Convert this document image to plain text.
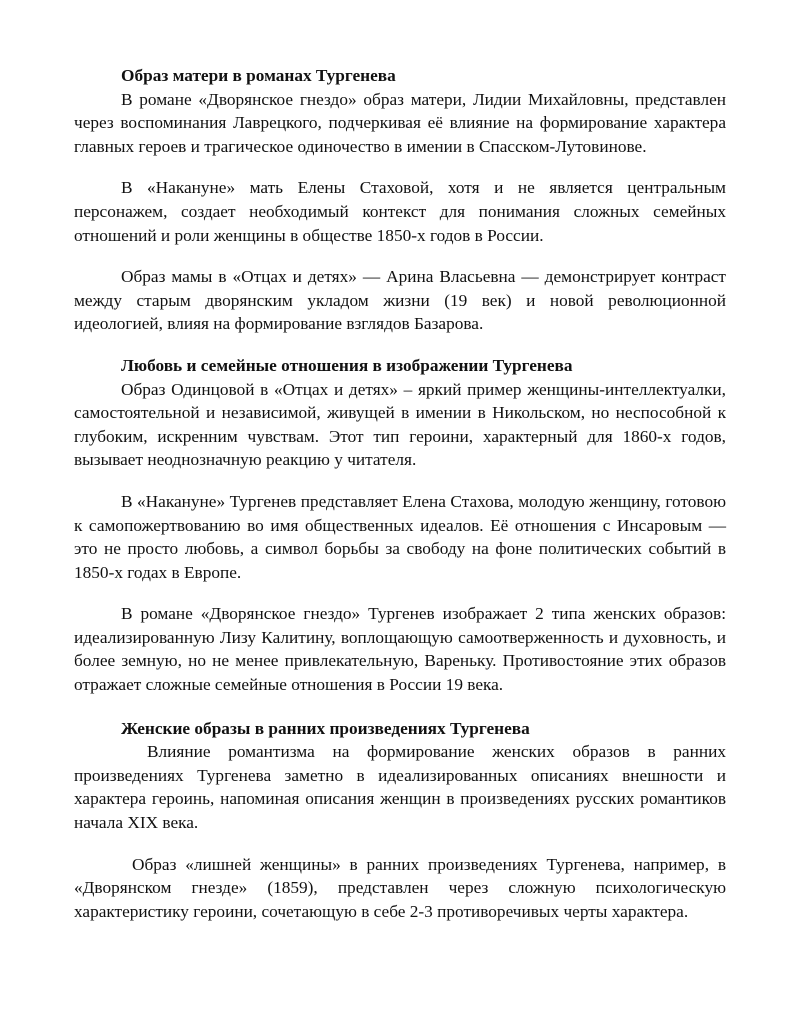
Образ матери в романах Тургенева

В романе «Дворянское гнездо» образ матери, Лидии Михайловны, представлен через воспоминания Лаврецкого, подчеркивая её влияние на формирование характера главных героев и трагическое одиночество в имении в Спасском-Лутовинове.

В «Накануне» мать Елены Стаховой, хотя и не является центральным персонажем, создает необходимый контекст для понимания сложных семейных отношений и роли женщины в обществе 1850-х годов в России.

Образ мамы в «Отцах и детях» — Арина Власьевна — демонстрирует контраст между старым дворянским укладом жизни (19 век) и новой революционной идеологией, влияя на формирование взглядов Базарова.

Любовь и семейные отношения в изображении Тургенева

Образ Одинцовой в «Отцах и детях» – яркий пример женщины-интеллектуалки, самостоятельной и независимой, живущей в имении в Никольском, но неспособной к глубоким, искренним чувствам. Этот тип героини, характерный для 1860-х годов, вызывает неоднозначную реакцию у читателя.

В «Накануне» Тургенев представляет Елена Стахова, молодую женщину, готовою к самопожертвованию во имя общественных идеалов. Её отношения с Инсаровым — это не просто любовь, а символ борьбы за свободу на фоне политических событий в 1850-х годах в Европе.

В романе «Дворянское гнездо» Тургенев изображает 2 типа женских образов: идеализированную Лизу Калитину, воплощающую самоотверженность и духовность, и более земную, но не менее привлекательную, Вареньку. Противостояние этих образов отражает сложные семейные отношения в России 19 века.

Женские образы в ранних произведениях Тургенева

Влияние романтизма на формирование женских образов в ранних произведениях Тургенева заметно в идеализированных описаниях внешности и характера героинь, напоминая описания женщин в произведениях русских романтиков начала XIX века.

Образ «лишней женщины» в ранних произведениях Тургенева, например, в «Дворянском гнезде» (1859), представлен через сложную психологическую характеристику героини, сочетающую в себе 2-3 противоречивых черты характера.
